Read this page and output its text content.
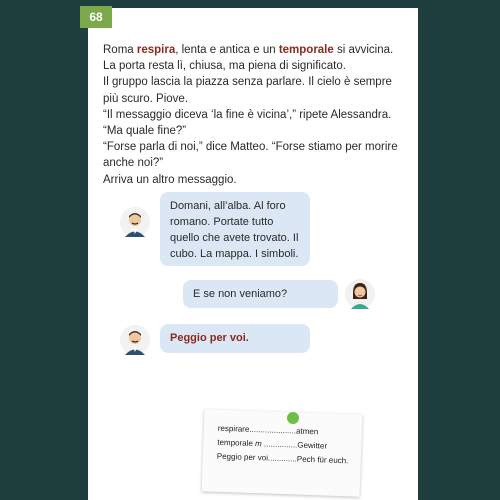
68

Roma respira, lenta e antica e un temporale si avvicina.

La porta resta lì, chiusa, ma piena di significato.

Il gruppo lascia la piazza senza parlare. Il cielo è sempre

più scuro. Piove.

“Il messaggio diceva ‘la fine è vicina’,” ripete Alessandra.

“Ma quale fine?”

“Forse parla di noi,” dice Matteo. “Forse stiamo per morire

anche noi?”

Arriva un altro messaggio.

Domani, all’alba. Al foro romano. Portate tutto quello che avete trovato. Il cubo. La mappa. I simboli.
E se non veniamo?
Peggio per voi.
respirare.....................atmen
temporale m ...............Gewitter
Peggio per voi.............Pech für euch.
